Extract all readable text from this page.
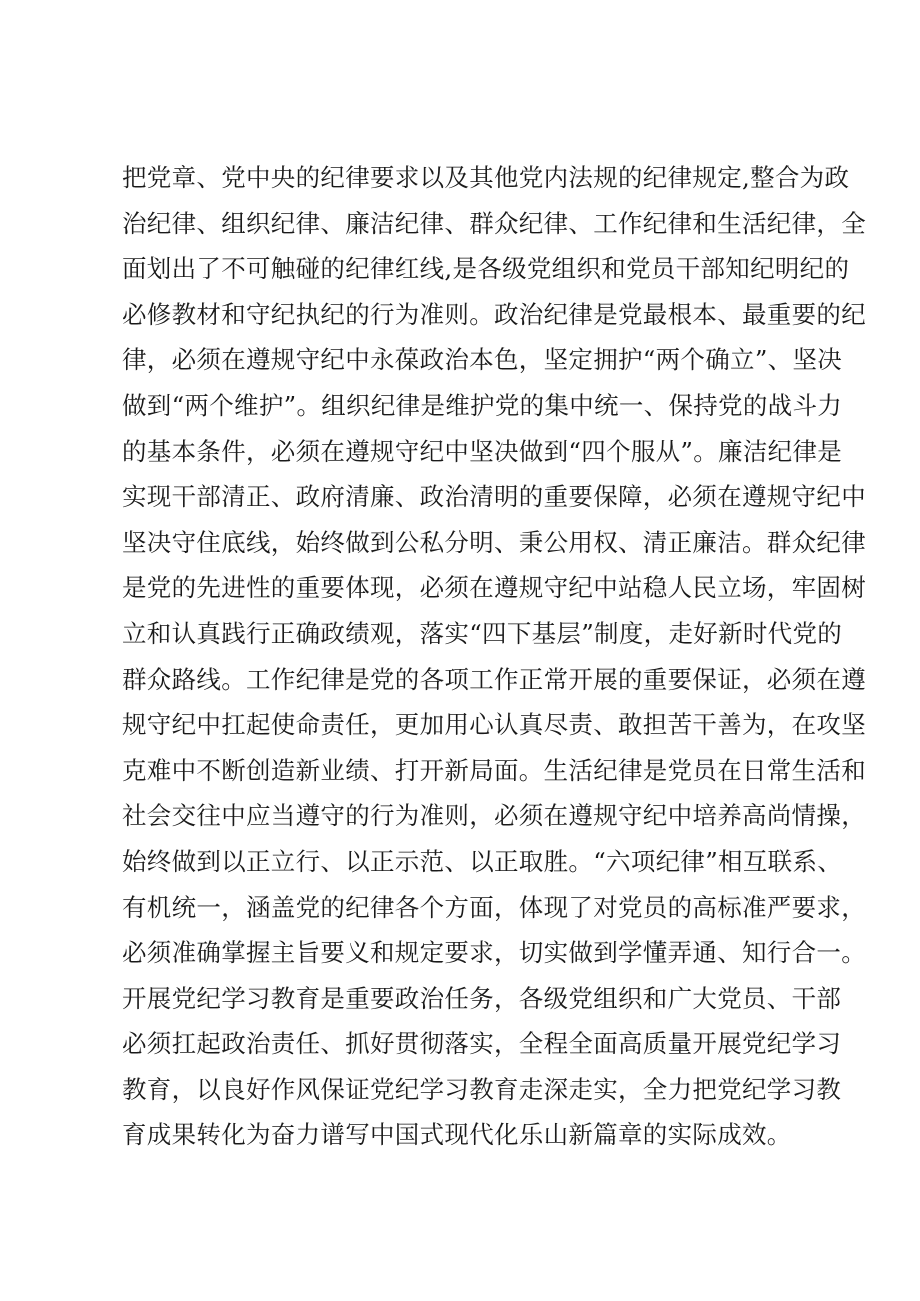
把党章、党中央的纪律要求以及其他党内法规的纪律规定,整合为政
治纪律、组织纪律、廉洁纪律、群众纪律、工作纪律和生活纪律，全
面划出了不可触碰的纪律红线,是各级党组织和党员干部知纪明纪的
必修教材和守纪执纪的行为准则。政治纪律是党最根本、最重要的纪
律，必须在遵规守纪中永葆政治本色，坚定拥护“两个确立”、坚决
做到“两个维护”。组织纪律是维护党的集中统一、保持党的战斗力
的基本条件，必须在遵规守纪中坚决做到“四个服从”。廉洁纪律是
实现干部清正、政府清廉、政治清明的重要保障，必须在遵规守纪中
坚决守住底线，始终做到公私分明、秉公用权、清正廉洁。群众纪律
是党的先进性的重要体现，必须在遵规守纪中站稳人民立场，牢固树
立和认真践行正确政绩观，落实“四下基层”制度，走好新时代党的
群众路线。工作纪律是党的各项工作正常开展的重要保证，必须在遵
规守纪中扛起使命责任，更加用心认真尽责、敢担苦干善为，在攻坚
克难中不断创造新业绩、打开新局面。生活纪律是党员在日常生活和
社会交往中应当遵守的行为准则，必须在遵规守纪中培养高尚情操，
始终做到以正立行、以正示范、以正取胜。“六项纪律”相互联系、
有机统一，涵盖党的纪律各个方面，体现了对党员的高标准严要求，
必须准确掌握主旨要义和规定要求，切实做到学懂弄通、知行合一。
开展党纪学习教育是重要政治任务，各级党组织和广大党员、干部
必须扛起政治责任、抓好贯彻落实，全程全面高质量开展党纪学习
教育，以良好作风保证党纪学习教育走深走实，全力把党纪学习教
育成果转化为奋力谱写中国式现代化乐山新篇章的实际成效。
